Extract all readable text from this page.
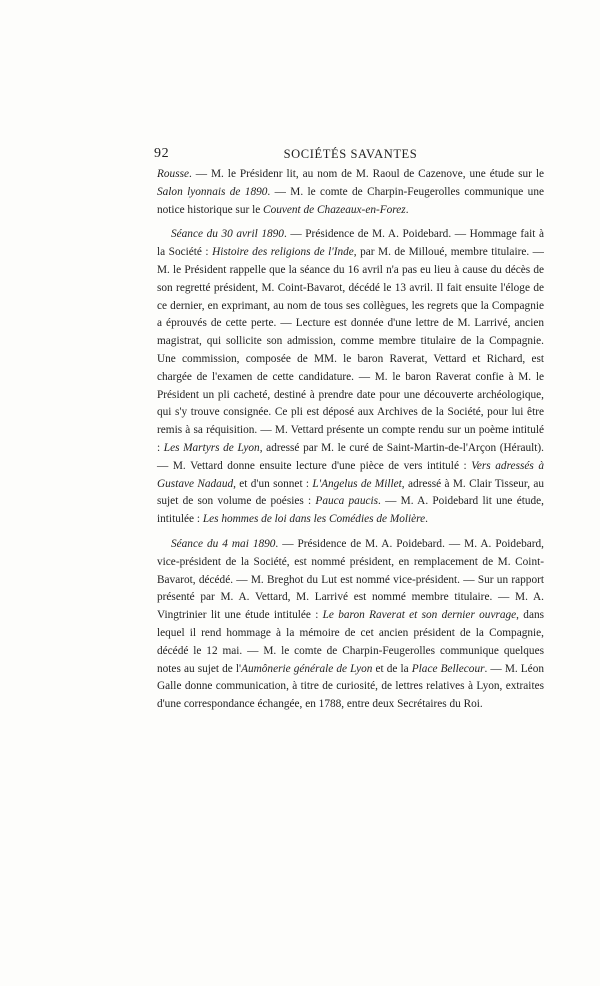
92	SOCIÉTÉS SAVANTES

Rousse. — M. le Présidenr lit, au nom de M. Raoul de Cazenove, une étude sur le Salon lyonnais de 1890. — M. le comte de Charpin-Feugerolles communique une notice historique sur le Couvent de Chazeaux-en-Forez.

Séance du 30 avril 1890. — Présidence de M. A. Poidebard. — Hommage fait à la Société : Histoire des religions de l'Inde, par M. de Milloué, membre titulaire. — M. le Président rappelle que la séance du 16 avril n'a pas eu lieu à cause du décès de son regretté président, M. Coint-Bavarot, décédé le 13 avril. Il fait ensuite l'éloge de ce dernier, en exprimant, au nom de tous ses collègues, les regrets que la Compagnie a éprouvés de cette perte. — Lecture est donnée d'une lettre de M. Larrivé, ancien magistrat, qui sollicite son admission, comme membre titulaire de la Compagnie. Une commission, composée de MM. le baron Raverat, Vettard et Richard, est chargée de l'examen de cette candidature. — M. le baron Raverat confie à M. le Président un pli cacheté, destiné à prendre date pour une découverte archéologique, qui s'y trouve consignée. Ce pli est déposé aux Archives de la Société, pour lui être remis à sa réquisition. — M. Vettard présente un compte rendu sur un poème intitulé : Les Martyrs de Lyon, adressé par M. le curé de Saint-Martin-de-l'Arçon (Hérault). — M. Vettard donne ensuite lecture d'une pièce de vers intitulé : Vers adressés à Gustave Nadaud, et d'un sonnet : L'Angelus de Millet, adressé à M. Clair Tisseur, au sujet de son volume de poésies : Pauca paucis. — M. A. Poidebard lit une étude, intitulée : Les hommes de loi dans les Comédies de Molière.

Séance du 4 mai 1890. — Présidence de M. A. Poidebard. — M. A. Poidebard, vice-président de la Société, est nommé président, en remplacement de M. Coint-Bavarot, décédé. — M. Breghot du Lut est nommé vice-président. — Sur un rapport présenté par M. A. Vettard, M. Larrivé est nommé membre titulaire. — M. A. Vingtrinier lit une étude intitulée : Le baron Raverat et son dernier ouvrage, dans lequel il rend hommage à la mémoire de cet ancien président de la Compagnie, décédé le 12 mai. — M. le comte de Charpin-Feugerolles communique quelques notes au sujet de l'Aumônerie générale de Lyon et de la Place Bellecour. — M. Léon Galle donne communication, à titre de curiosité, de lettres relatives à Lyon, extraites d'une correspondance échangée, en 1788, entre deux Secrétaires du Roi.
